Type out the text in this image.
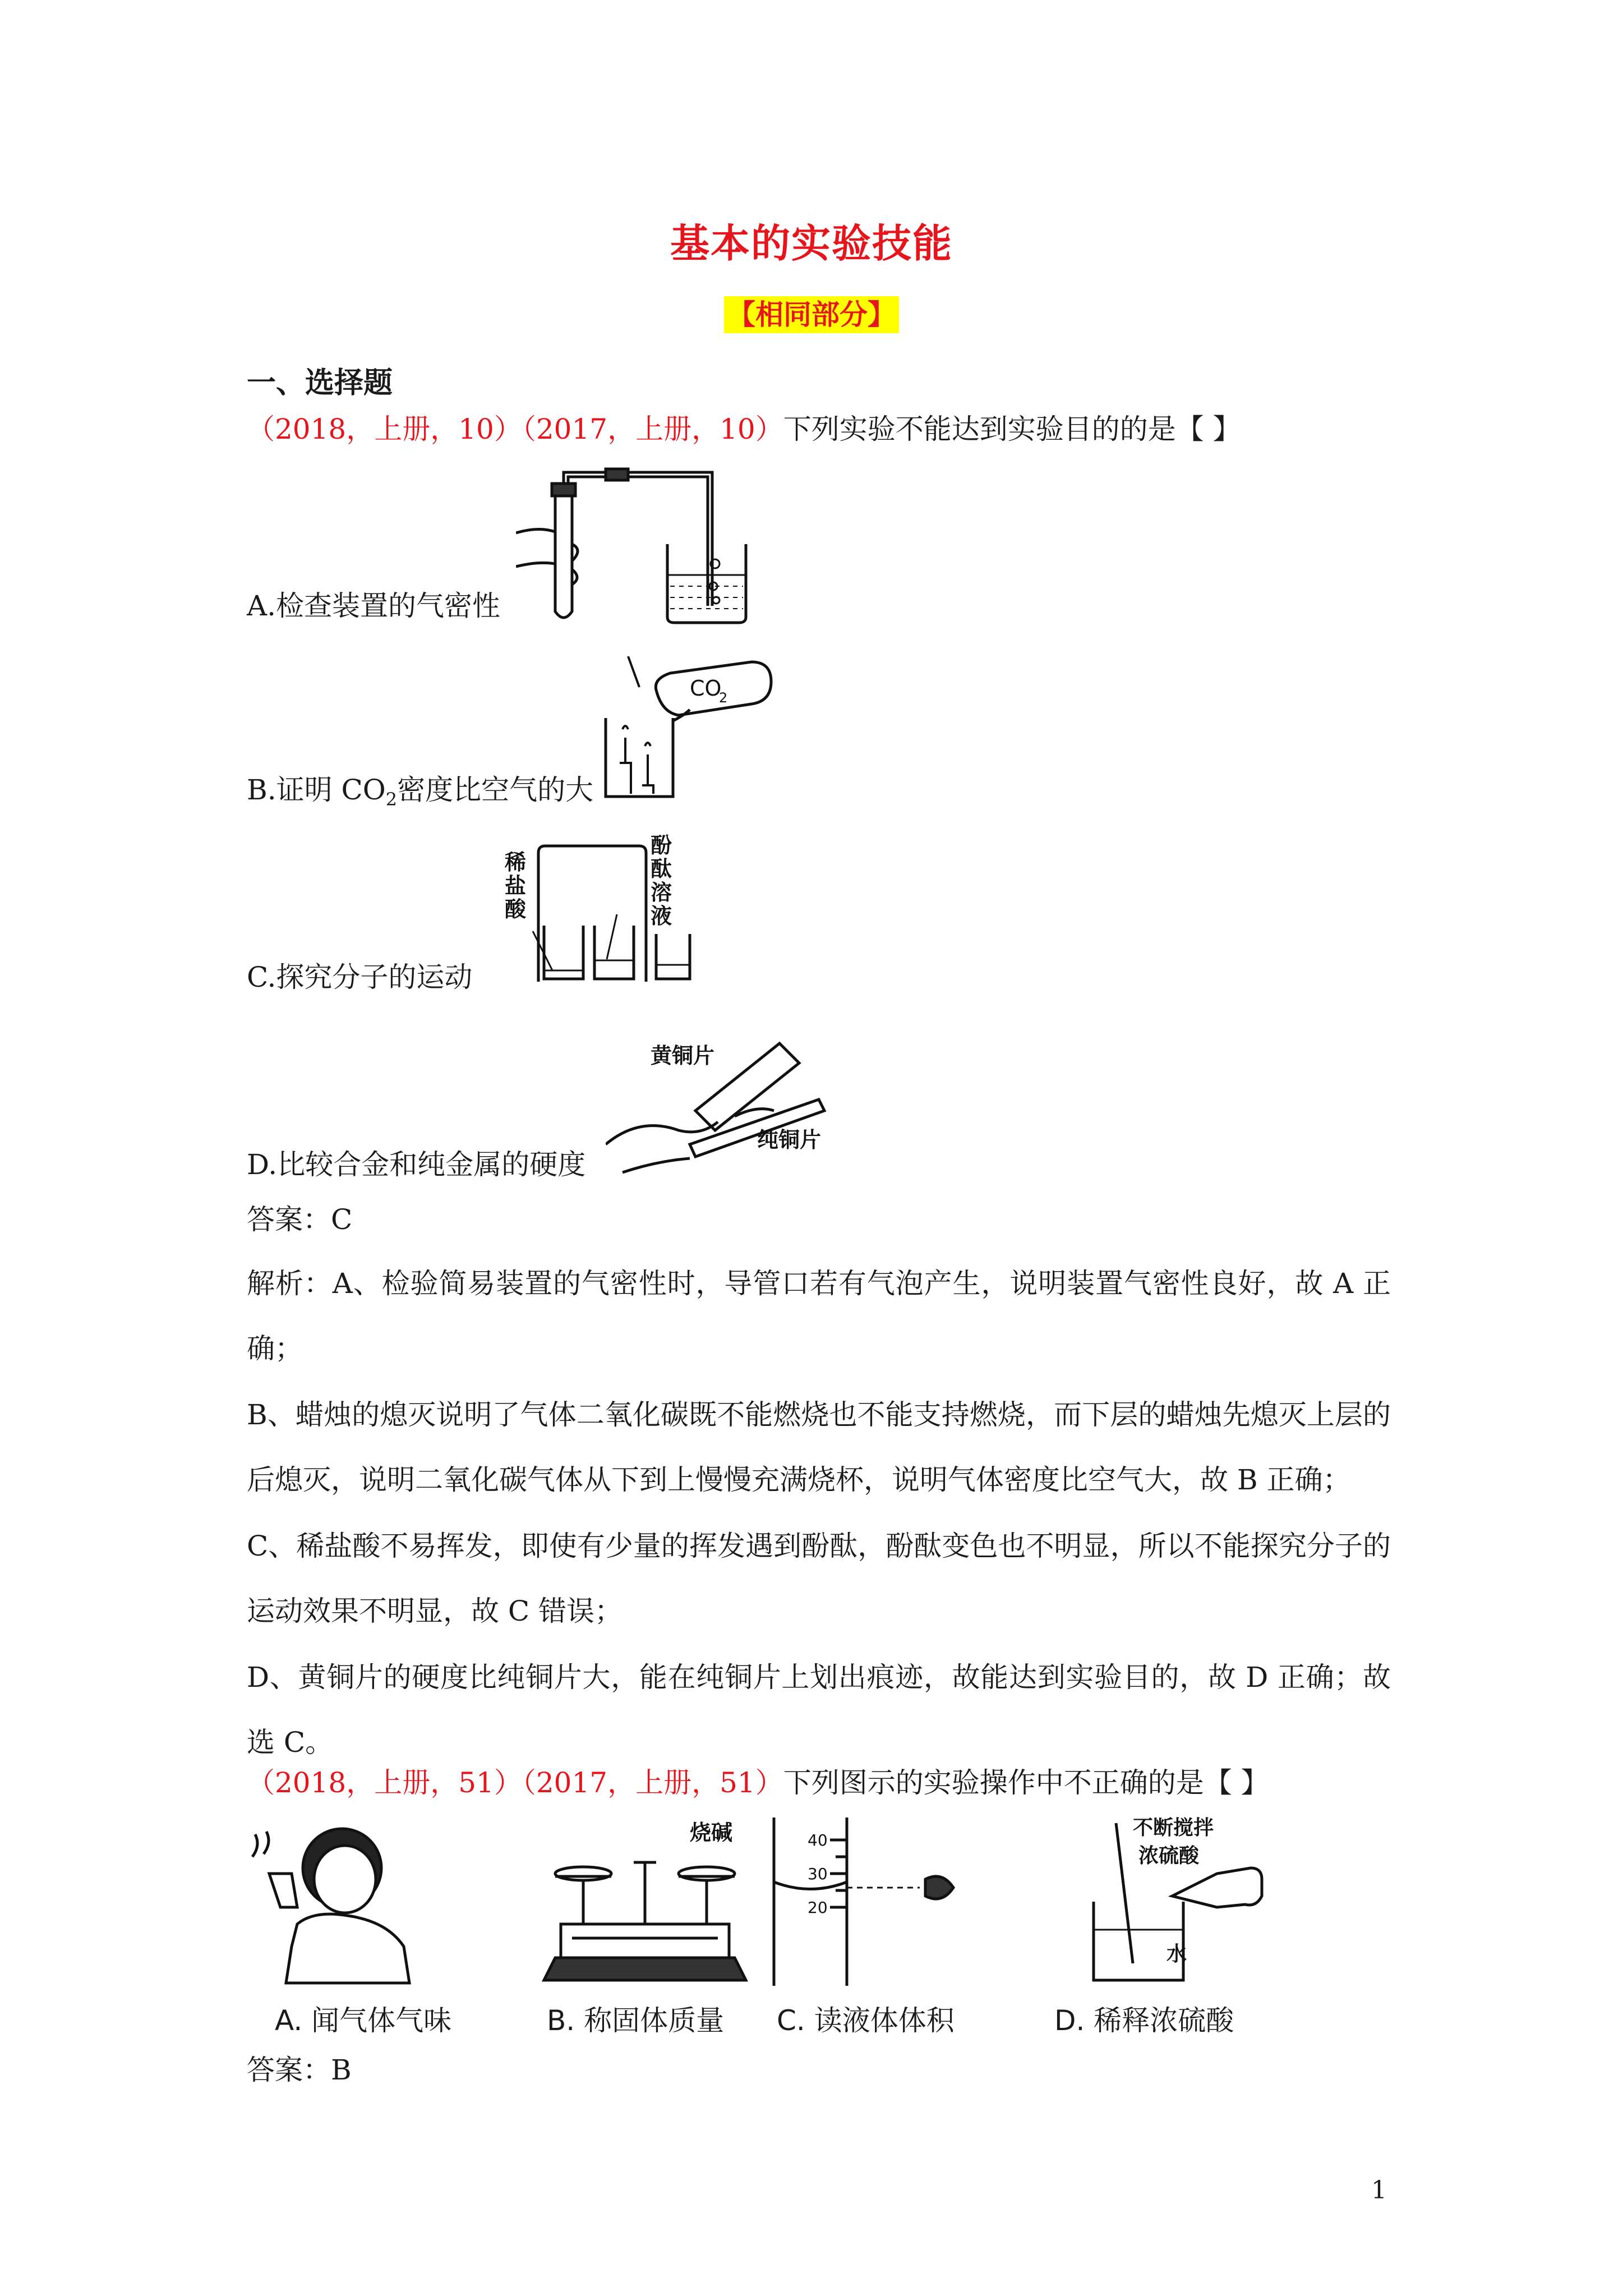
基本的实验技能
【相同部分】
一、选择题
（2018，上册，10）（2017，上册，10）下列实验不能达到实验目的的是【 】
A.检查装置的气密性
CO
2
B.证明 $CO_2$密度比空气的大
稀 盐 酸
酚 酞 溶 液
C.探究分子的运动
黄铜片
纯铜片
D.比较合金和纯金属的硬度
答案：C
解析：A、检验简易装置的气密性时，导管口若有气泡产生，说明装置气密性良好，故 A 正确；
B、蜡烛的熄灭说明了气体二氧化碳既不能燃烧也不能支持燃烧，而下层的蜡烛先熄灭上层的后熄灭，说明二氧化碳气体从下到上慢慢充满烧杯，说明气体密度比空气大，故 B 正确；
C、稀盐酸不易挥发，即使有少量的挥发遇到酚酞，酚酞变色也不明显，所以不能探究分子的运动效果不明显，故 C 错误；
D、黄铜片的硬度比纯铜片大，能在纯铜片上划出痕迹，故能达到实验目的，故 D 正确；故选 C。
（2018，上册，51）（2017，上册，51）下列图示的实验操作中不正确的是【 】
烧碱	40
30
20
不断搅拌
浓硫酸
水
A. 闻气体气味	B. 称固体质量 C. 读液体体积	D. 稀释浓硫酸
答案：B
1
